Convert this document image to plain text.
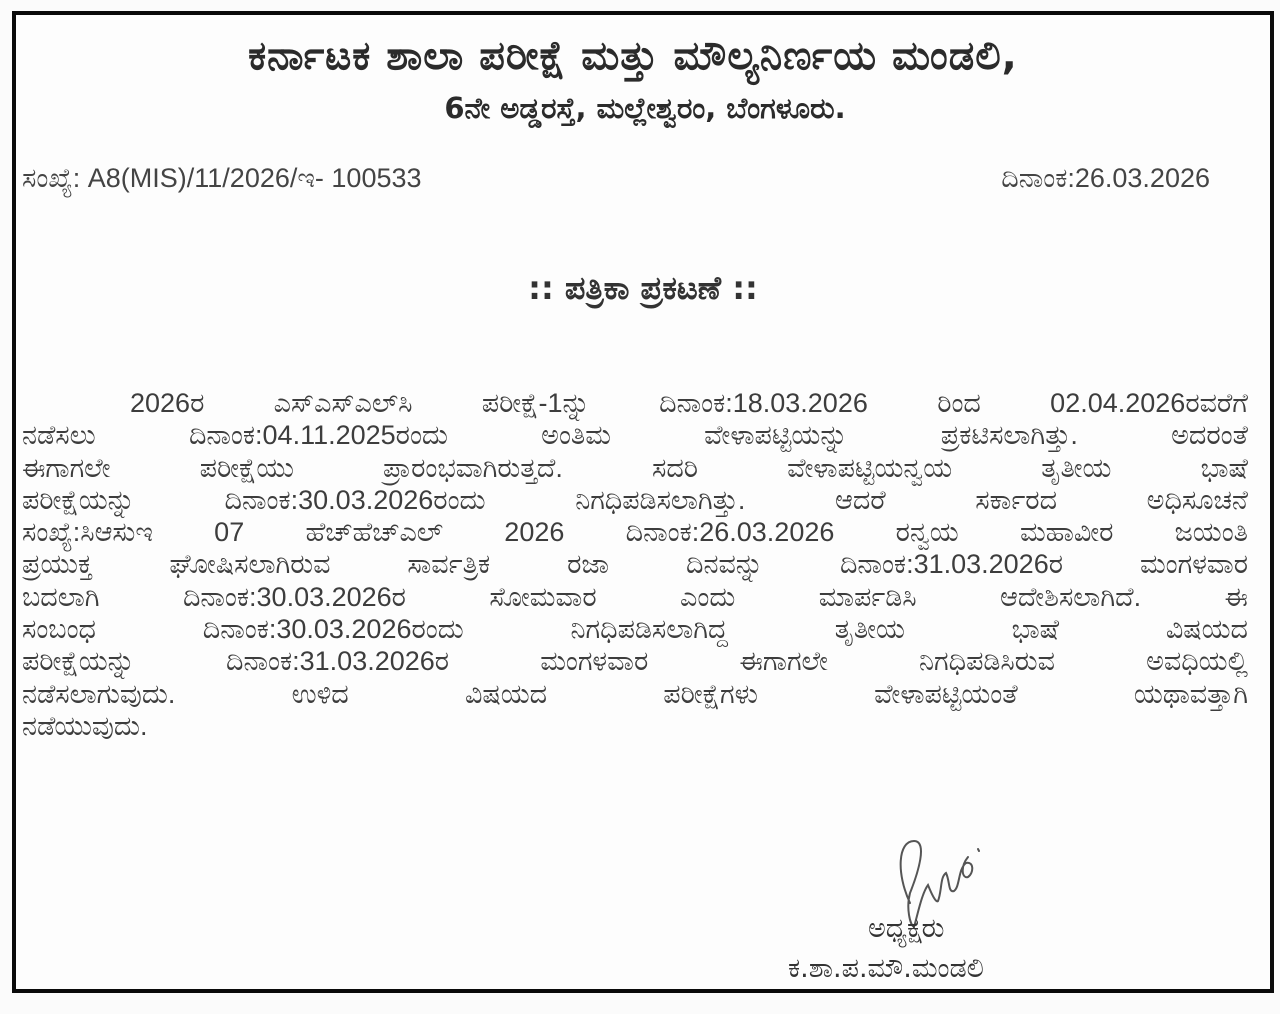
ಕರ್ನಾಟಕ ಶಾಲಾ ಪರೀಕ್ಷೆ ಮತ್ತು ಮೌಲ್ಯನಿರ್ಣಯ ಮಂಡಲಿ,
6ನೇ ಅಡ್ಡರಸ್ತೆ, ಮಲ್ಲೇಶ್ವರಂ, ಬೆಂಗಳೂರು.
ಸಂಖ್ಯೆ: A8(MIS)/11/2026/ಇ- 100533	ದಿನಾಂಕ:26.03.2026
:: ಪತ್ರಿಕಾ ಪ್ರಕಟಣೆ ::
2026ರ ಎಸ್‌ಎಸ್‌ಎಲ್‌ಸಿ ಪರೀಕ್ಷೆ-1ನ್ನು ದಿನಾಂಕ:18.03.2026 ರಿಂದ 02.04.2026ರವರೆಗೆ
ನಡೆಸಲು ದಿನಾಂಕ:04.11.2025ರಂದು ಅಂತಿಮ ವೇಳಾಪಟ್ಟಿಯನ್ನು ಪ್ರಕಟಿಸಲಾಗಿತ್ತು. ಅದರಂತೆ
ಈಗಾಗಲೇ ಪರೀಕ್ಷೆಯು ಪ್ರಾರಂಭವಾಗಿರುತ್ತದೆ. ಸದರಿ ವೇಳಾಪಟ್ಟಿಯನ್ವಯ ತೃತೀಯ ಭಾಷೆ
ಪರೀಕ್ಷೆಯನ್ನು ದಿನಾಂಕ:30.03.2026ರಂದು ನಿಗಧಿಪಡಿಸಲಾಗಿತ್ತು. ಆದರೆ ಸರ್ಕಾರದ ಅಧಿಸೂಚನೆ
ಸಂಖ್ಯೆ:ಸಿಆಸುಇ 07 ಹೆಚ್‌ಹೆಚ್‌ಎಲ್ 2026 ದಿನಾಂಕ:26.03.2026 ರನ್ವಯ ಮಹಾವೀರ ಜಯಂತಿ
ಪ್ರಯುಕ್ತ ಘೋಷಿಸಲಾಗಿರುವ ಸಾರ್ವತ್ರಿಕ ರಜಾ ದಿನವನ್ನು ದಿನಾಂಕ:31.03.2026ರ ಮಂಗಳವಾರ
ಬದಲಾಗಿ ದಿನಾಂಕ:30.03.2026ರ ಸೋಮವಾರ ಎಂದು ಮಾರ್ಪಡಿಸಿ ಆದೇಶಿಸಲಾಗಿದೆ. ಈ
ಸಂಬಂಧ ದಿನಾಂಕ:30.03.2026ರಂದು ನಿಗಧಿಪಡಿಸಲಾಗಿದ್ದ ತೃತೀಯ ಭಾಷೆ ವಿಷಯದ
ಪರೀಕ್ಷೆಯನ್ನು ದಿನಾಂಕ:31.03.2026ರ ಮಂಗಳವಾರ ಈಗಾಗಲೇ ನಿಗಧಿಪಡಿಸಿರುವ ಅವಧಿಯಲ್ಲಿ
ನಡೆಸಲಾಗುವುದು. ಉಳಿದ ವಿಷಯದ ಪರೀಕ್ಷೆಗಳು ವೇಳಾಪಟ್ಟಿಯಂತೆ ಯಥಾವತ್ತಾಗಿ
ನಡೆಯುವುದು.
ಅಧ್ಯಕ್ಷರು
ಕ.ಶಾ.ಪ.ಮೌ.ಮಂಡಲಿ
